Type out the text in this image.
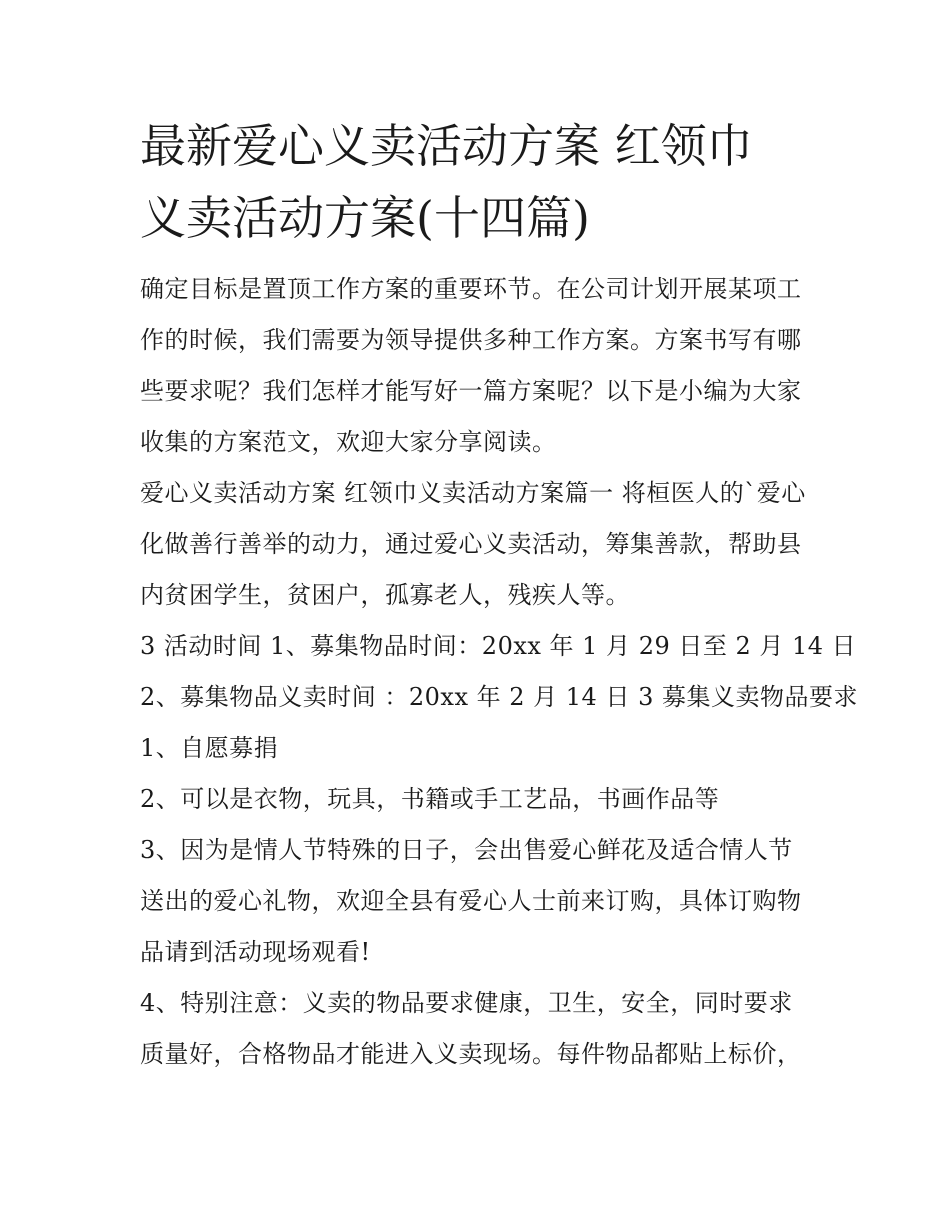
最新爱心义卖活动方案 红领巾
义卖活动方案(十四篇)

确定目标是置顶工作方案的重要环节。在公司计划开展某项工
作的时候，我们需要为领导提供多种工作方案。方案书写有哪
些要求呢？我们怎样才能写好一篇方案呢？以下是小编为大家
收集的方案范文，欢迎大家分享阅读。

爱心义卖活动方案 红领巾义卖活动方案篇一 将桓医人的`爱心
化做善行善举的动力，通过爱心义卖活动，筹集善款，帮助县
内贫困学生，贫困户，孤寡老人，残疾人等。

3 活动时间 1、募集物品时间：20xx 年 1 月 29 日至 2 月 14 日

2、募集物品义卖时间 ：20xx 年 2 月 14 日 3 募集义卖物品要求

1、自愿募捐

2、可以是衣物，玩具，书籍或手工艺品，书画作品等

3、因为是情人节特殊的日子，会出售爱心鲜花及适合情人节
送出的爱心礼物，欢迎全县有爱心人士前来订购，具体订购物
品请到活动现场观看!

4、特别注意：义卖的物品要求健康，卫生，安全，同时要求
质量好，合格物品才能进入义卖现场。每件物品都贴上标价，
